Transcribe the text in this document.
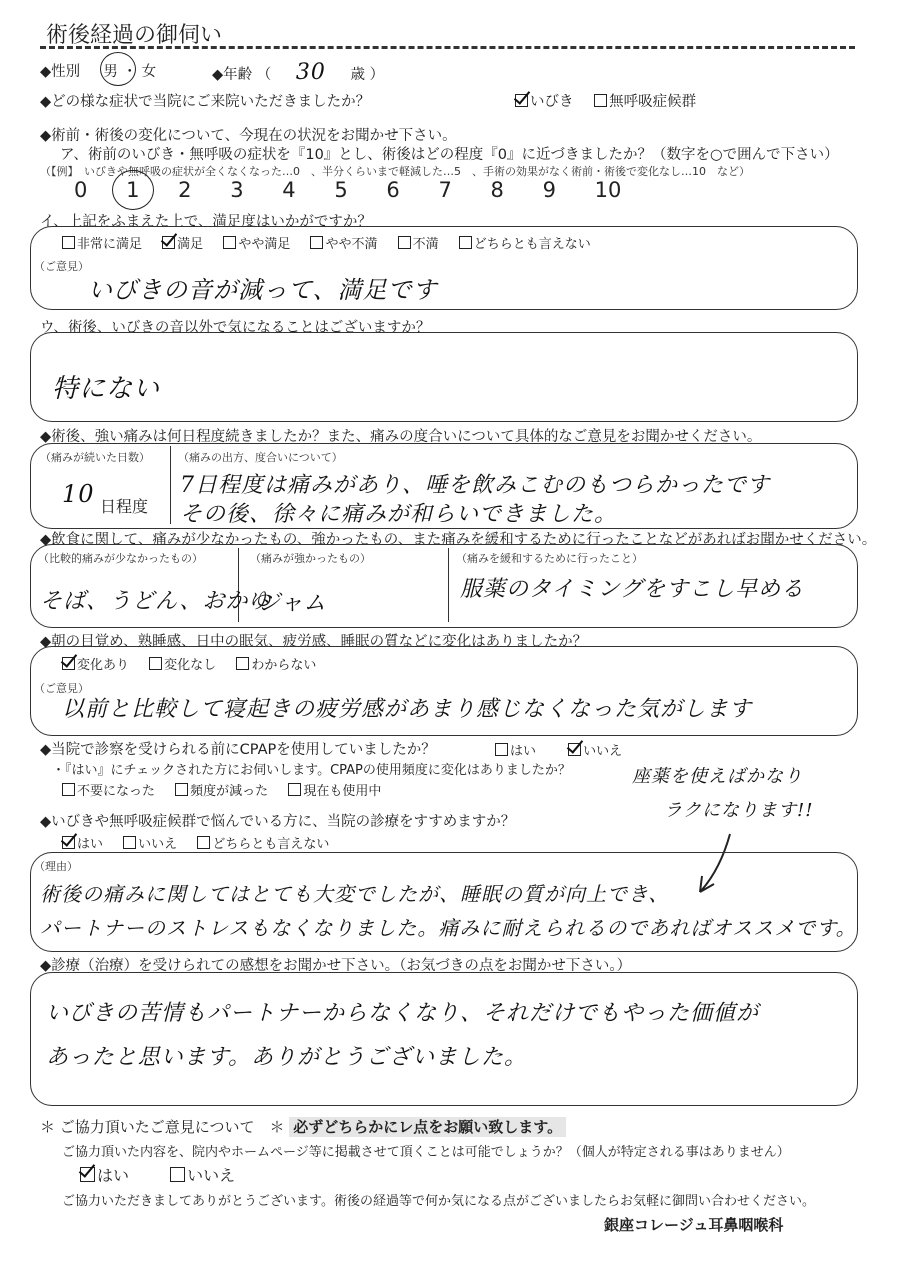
術後経過の御伺い
◆性別 男 ・ 女	◆年齢 （ 30 歳 ）
◆どの様な症状で当院にご来院いただきましたか？	いびき 無呼吸症候群
◆術前・術後の変化について、今現在の状況をお聞かせ下さい。
ア、術前のいびき・無呼吸の症状を『10』とし、術後はどの程度『0』に近づきましたか？（数字を○で囲んで下さい）
（【例】　いびきや無呼吸の症状が全くなくなった…0　、半分くらいまで軽減した…5　、手術の効果がなく術前・術後で変化なし…10　など）
0 1 2 3 4 5 6 7 8 9 10
イ、上記をふまえた上で、満足度はいかがですか？
非常に満足	満足	やや満足	やや不満	不満	どちらとも言えない
（ご意見）
いびきの音が減って、満足です
ウ、術後、いびきの音以外で気になることはございますか？
特にない
◆術後、強い痛みは何日程度続きましたか？また、痛みの度合いについて具体的なご意見をお聞かせください。
（痛みが続いた日数）
10 日程度
（痛みの出方、度合いについて）
7日程度は痛みがあり、唾を飲みこむのもつらかったです
その後、徐々に痛みが和らいできました。
◆飲食に関して、痛みが少なかったもの、強かったもの、また痛みを緩和するために行ったことなどがあればお聞かせください。
（比較的痛みが少なかったもの）
そば、うどん、おかゆ
（痛みが強かったもの）
ジャム
（痛みを緩和するために行ったこと）
服薬のタイミングをすこし早める
◆朝の目覚め、熟睡感、日中の眠気、疲労感、睡眠の質などに変化はありましたか？
変化あり	変化なし	わからない
（ご意見）
以前と比較して寝起きの疲労感があまり感じなくなった気がします
◆当院で診察を受けられる前にCPAPを使用していましたか？	はい	いいえ
・『はい』にチェックされた方にお伺いします。CPAPの使用頻度に変化はありましたか？
不要になった	頻度が減った	現在も使用中
座薬を使えばかなり
ラクになります!!
◆いびきや無呼吸症候群で悩んでいる方に、当院の診療をすすめますか？
はい	いいえ	どちらとも言えない
（理由）
術後の痛みに関してはとても大変でしたが、睡眠の質が向上でき、
パートナーのストレスもなくなりました。痛みに耐えられるのであればオススメです。
◆診療（治療）を受けられての感想をお聞かせ下さい。（お気づきの点をお聞かせ下さい。）
いびきの苦情もパートナーからなくなり、それだけでもやった価値が
あったと思います。ありがとうございました。
＊ ご協力頂いたご意見について　＊ 必ずどちらかにレ点をお願い致します。
ご協力頂いた内容を、院内やホームページ等に掲載させて頂くことは可能でしょうか？（個人が特定される事はありません）
はい	いいえ
ご協力いただきましてありがとうございます。術後の経過等で何か気になる点がございましたらお気軽に御問い合わせください。
銀座コレージュ耳鼻咽喉科
